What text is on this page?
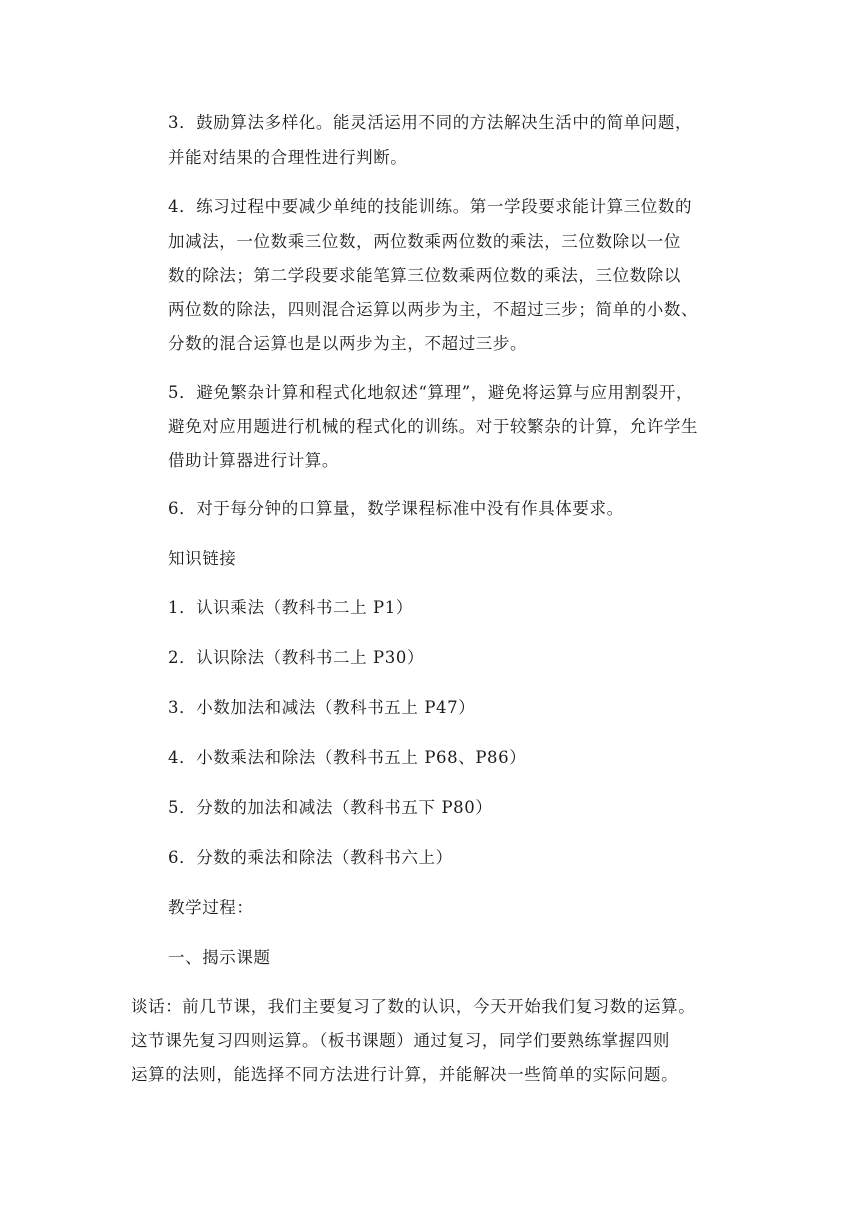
3．鼓励算法多样化。能灵活运用不同的方法解决生活中的简单问题，
并能对结果的合理性进行判断。
4．练习过程中要减少单纯的技能训练。第一学段要求能计算三位数的
加减法，一位数乘三位数，两位数乘两位数的乘法，三位数除以一位
数的除法；第二学段要求能笔算三位数乘两位数的乘法，三位数除以
两位数的除法，四则混合运算以两步为主，不超过三步；简单的小数、
分数的混合运算也是以两步为主，不超过三步。
5．避免繁杂计算和程式化地叙述“算理”，避免将运算与应用割裂开，
避免对应用题进行机械的程式化的训练。对于较繁杂的计算，允许学生
借助计算器进行计算。
6．对于每分钟的口算量，数学课程标准中没有作具体要求。
知识链接
1．认识乘法（教科书二上 P1）
2．认识除法（教科书二上 P30）
3．小数加法和减法（教科书五上 P47）
4．小数乘法和除法（教科书五上 P68、P86）
5．分数的加法和减法（教科书五下 P80）
6．分数的乘法和除法（教科书六上）
教学过程：
一、揭示课题
谈话：前几节课，我们主要复习了数的认识，今天开始我们复习数的运算。
这节课先复习四则运算。（板书课题）通过复习，同学们要熟练掌握四则
运算的法则，能选择不同方法进行计算，并能解决一些简单的实际问题。
